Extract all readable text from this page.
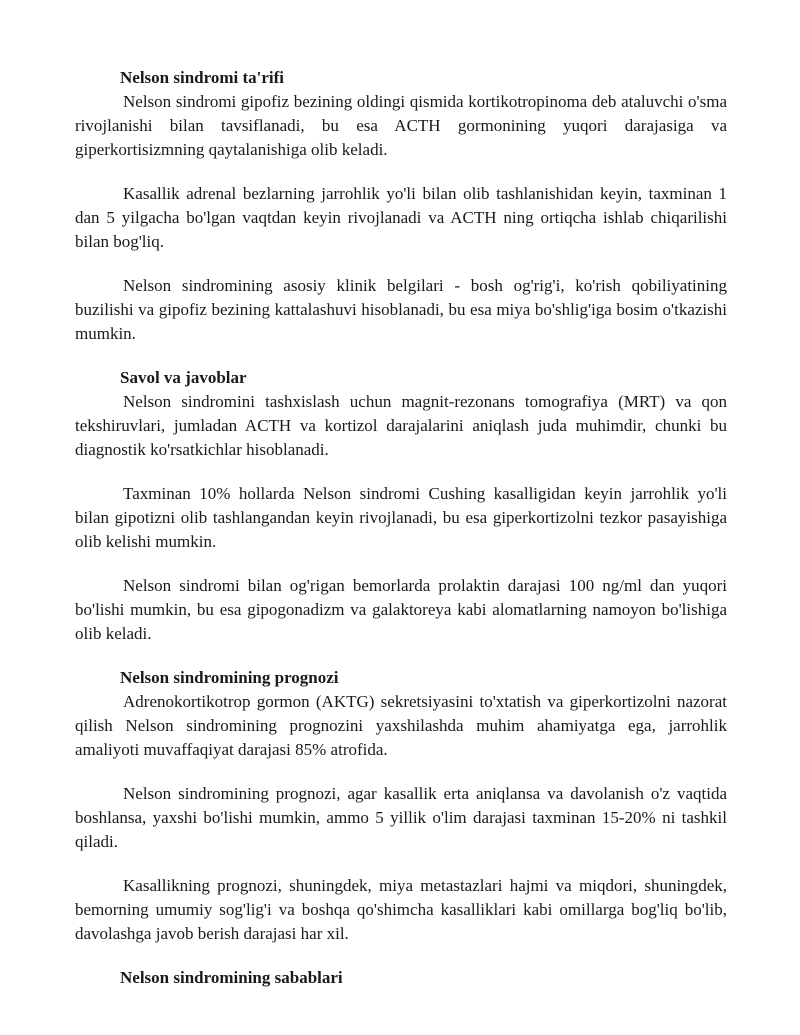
Nelson sindromi ta'rifi

Nelson sindromi gipofiz bezining oldingi qismida kortikotropinoma deb ataluvchi o'sma rivojlanishi bilan tavsiflanadi, bu esa ACTH gormonining yuqori darajasiga va giperkortisizmning qaytalanishiga olib keladi.

Kasallik adrenal bezlarning jarrohlik yo'li bilan olib tashlanishidan keyin, taxminan 1 dan 5 yilgacha bo'lgan vaqtdan keyin rivojlanadi va ACTH ning ortiqcha ishlab chiqarilishi bilan bog'liq.

Nelson sindromining asosiy klinik belgilari - bosh og'rig'i, ko'rish qobiliyatining buzilishi va gipofiz bezining kattalashuvi hisoblanadi, bu esa miya bo'shlig'iga bosim o'tkazishi mumkin.

Savol va javoblar

Nelson sindromini tashxislash uchun magnit-rezonans tomografiya (MRT) va qon tekshiruvlari, jumladan ACTH va kortizol darajalarini aniqlash juda muhimdir, chunki bu diagnostik ko'rsatkichlar hisoblanadi.

Taxminan 10% hollarda Nelson sindromi Cushing kasalligidan keyin jarrohlik yo'li bilan gipotizni olib tashlangandan keyin rivojlanadi, bu esa giperkortizolni tezkor pasayishiga olib kelishi mumkin.

Nelson sindromi bilan og'rigan bemorlarda prolaktin darajasi 100 ng/ml dan yuqori bo'lishi mumkin, bu esa gipogonadizm va galaktoreya kabi alomatlarning namoyon bo'lishiga olib keladi.

Nelson sindromining prognozi

Adrenokortikotrop gormon (AKTG) sekretsiyasini to'xtatish va giperkortizolni nazorat qilish Nelson sindromining prognozini yaxshilashda muhim ahamiyatga ega, jarrohlik amaliyoti muvaffaqiyat darajasi 85% atrofida.

Nelson sindromining prognozi, agar kasallik erta aniqlansa va davolanish o'z vaqtida boshlansa, yaxshi bo'lishi mumkin, ammo 5 yillik o'lim darajasi taxminan 15-20% ni tashkil qiladi.

Kasallikning prognozi, shuningdek, miya metastazlari hajmi va miqdori, shuningdek, bemorning umumiy sog'lig'i va boshqa qo'shimcha kasalliklari kabi omillarga bog'liq bo'lib, davolashga javob berish darajasi har xil.

Nelson sindromining sabablari
